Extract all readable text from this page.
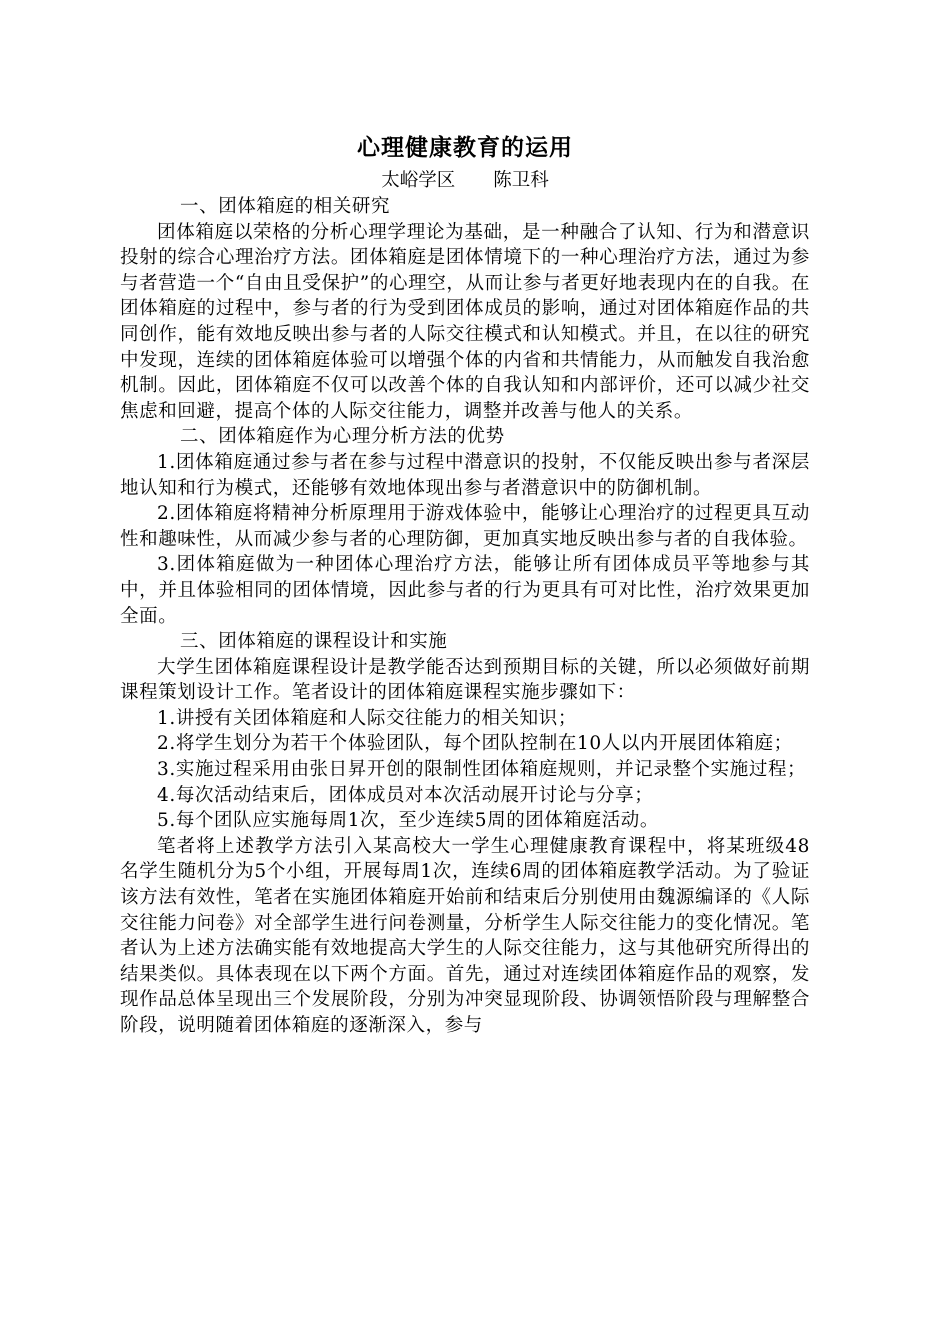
心理健康教育的运用

太峪学区 陈卫科

一、团体箱庭的相关研究

团体箱庭以荣格的分析心理学理论为基础，是一种融合了认知、行为和潜意识投射的综合心理治疗方法。团体箱庭是团体情境下的一种心理治疗方法，通过为参与者营造一个“自由且受保护”的心理空，从而让参与者更好地表现内在的自我。在团体箱庭的过程中，参与者的行为受到团体成员的影响，通过对团体箱庭作品的共同创作，能有效地反映出参与者的人际交往模式和认知模式。并且，在以往的研究中发现，连续的团体箱庭体验可以增强个体的内省和共情能力，从而触发自我治愈机制。因此，团体箱庭不仅可以改善个体的自我认知和内部评价，还可以减少社交焦虑和回避，提高个体的人际交往能力，调整并改善与他人的关系。

二、团体箱庭作为心理分析方法的优势

1.团体箱庭通过参与者在参与过程中潜意识的投射，不仅能反映出参与者深层地认知和行为模式，还能够有效地体现出参与者潜意识中的防御机制。

2.团体箱庭将精神分析原理用于游戏体验中，能够让心理治疗的过程更具互动性和趣味性，从而减少参与者的心理防御，更加真实地反映出参与者的自我体验。

3.团体箱庭做为一种团体心理治疗方法，能够让所有团体成员平等地参与其中，并且体验相同的团体情境，因此参与者的行为更具有可对比性，治疗效果更加全面。

三、团体箱庭的课程设计和实施

大学生团体箱庭课程设计是教学能否达到预期目标的关键，所以必须做好前期课程策划设计工作。笔者设计的团体箱庭课程实施步骤如下：

1.讲授有关团体箱庭和人际交往能力的相关知识；

2.将学生划分为若干个体验团队，每个团队控制在10人以内开展团体箱庭；

3.实施过程采用由张日昇开创的限制性团体箱庭规则，并记录整个实施过程；

4.每次活动结束后，团体成员对本次活动展开讨论与分享；

5.每个团队应实施每周1次，至少连续5周的团体箱庭活动。

笔者将上述教学方法引入某高校大一学生心理健康教育课程中，将某班级48名学生随机分为5个小组，开展每周1次，连续6周的团体箱庭教学活动。为了验证该方法有效性，笔者在实施团体箱庭开始前和结束后分别使用由魏源编译的《人际交往能力问卷》对全部学生进行问卷测量，分析学生人际交往能力的变化情况。笔者认为上述方法确实能有效地提高大学生的人际交往能力，这与其他研究所得出的结果类似。具体表现在以下两个方面。首先，通过对连续团体箱庭作品的观察，发现作品总体呈现出三个发展阶段，分别为冲突显现阶段、协调领悟阶段与理解整合阶段，说明随着团体箱庭的逐渐深入，参与
